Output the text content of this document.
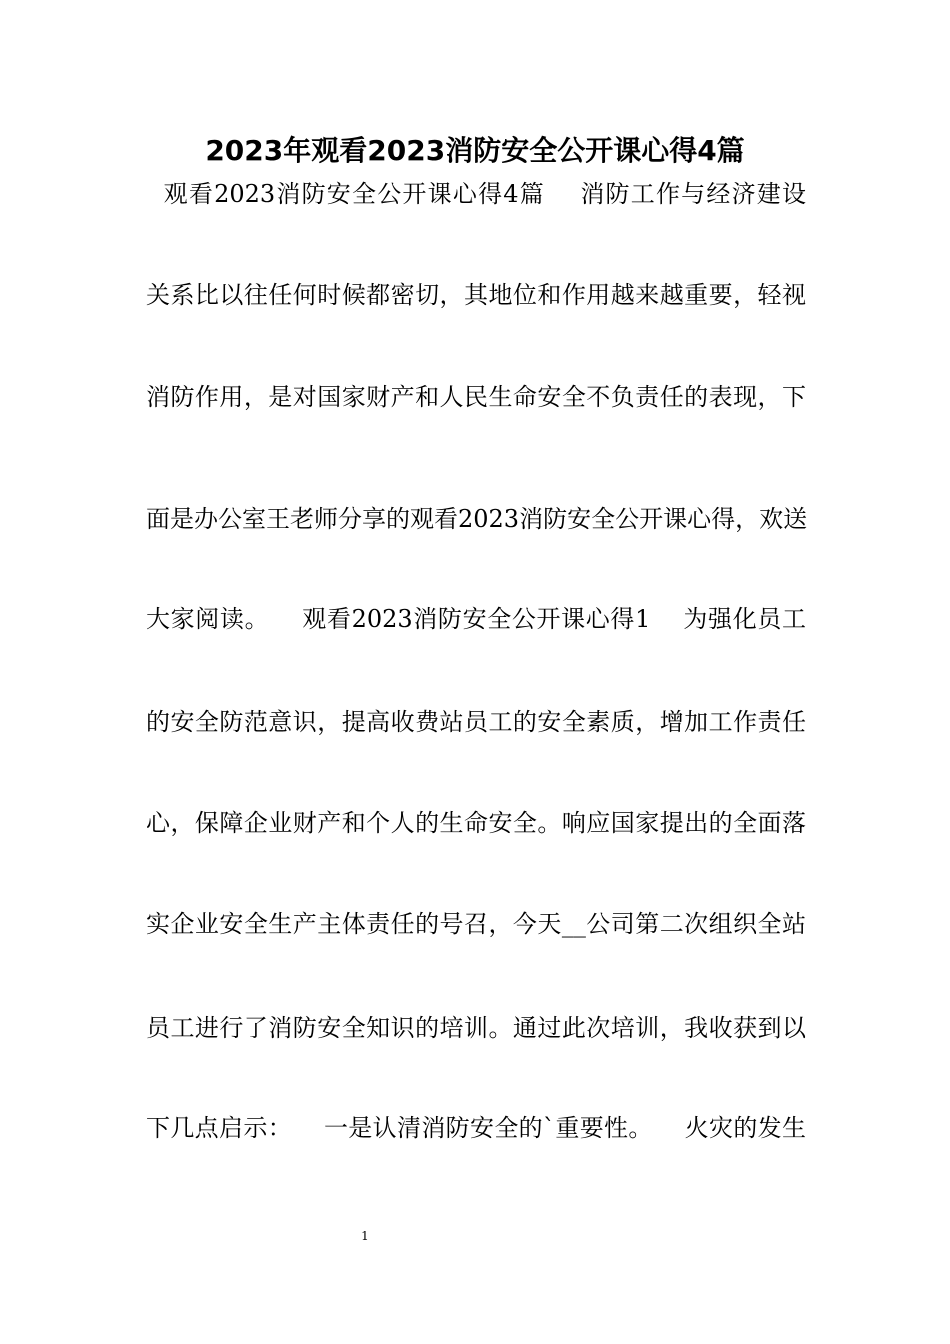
2023年观看2023消防安全公开课心得4篇
观看2023消防安全公开课心得4篇    消防工作与经济建设
关系比以往任何时候都密切，其地位和作用越来越重要，轻视
消防作用，是对国家财产和人民生命安全不负责任的表现，下
面是办公室王老师分享的观看2023消防安全公开课心得，欢送
大家阅读。    观看2023消防安全公开课心得1    为强化员工
的安全防范意识，提高收费站员工的安全素质，增加工作责任
心，保障企业财产和个人的生命安全。响应国家提出的全面落
实企业安全生产主体责任的号召，今天__公司第二次组织全站
员工进行了消防安全知识的培训。通过此次培训，我收获到以
下几点启示：    一是认清消防安全的`重要性。    火灾的发生
1
